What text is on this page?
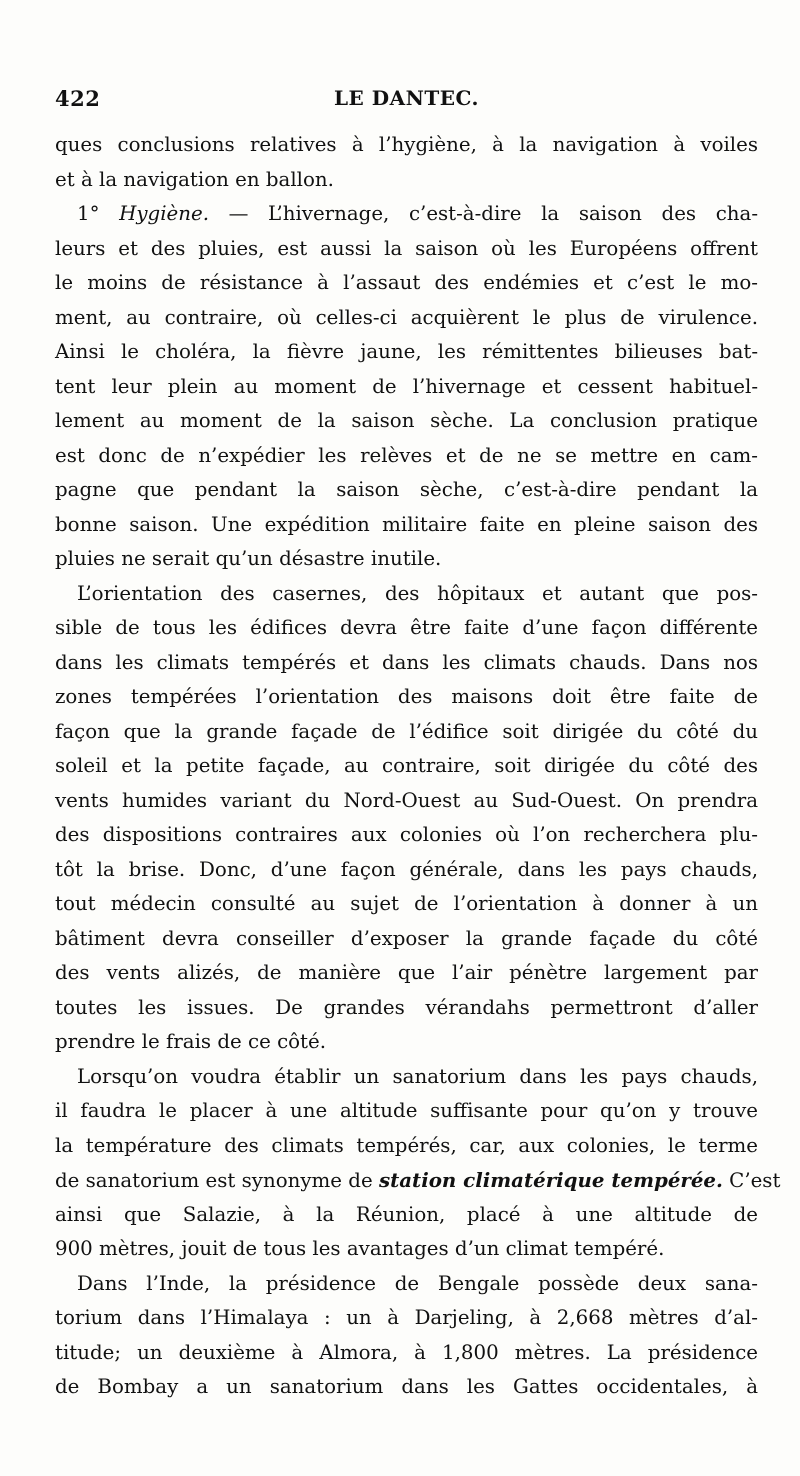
422	LE DANTEC.
ques conclusions relatives à l’hygiène, à la navigation à voiles
et à la navigation en ballon.
1° Hygiène. — L’hivernage, c’est-à-dire la saison des cha-
leurs et des pluies, est aussi la saison où les Européens offrent
le moins de résistance à l’assaut des endémies et c’est le mo-
ment, au contraire, où celles-ci acquièrent le plus de virulence.
Ainsi le choléra, la fièvre jaune, les rémittentes bilieuses bat-
tent leur plein au moment de l’hivernage et cessent habituel-
lement au moment de la saison sèche. La conclusion pratique
est donc de n’expédier les relèves et de ne se mettre en cam-
pagne que pendant la saison sèche, c’est-à-dire pendant la
bonne saison. Une expédition militaire faite en pleine saison des
pluies ne serait qu’un désastre inutile.
L’orientation des casernes, des hôpitaux et autant que pos-
sible de tous les édifices devra être faite d’une façon différente
dans les climats tempérés et dans les climats chauds. Dans nos
zones tempérées l’orientation des maisons doit être faite de
façon que la grande façade de l’édifice soit dirigée du côté du
soleil et la petite façade, au contraire, soit dirigée du côté des
vents humides variant du Nord-Ouest au Sud-Ouest. On prendra
des dispositions contraires aux colonies où l’on recherchera plu-
tôt la brise. Donc, d’une façon générale, dans les pays chauds,
tout médecin consulté au sujet de l’orientation à donner à un
bâtiment devra conseiller d’exposer la grande façade du côté
des vents alizés, de manière que l’air pénètre largement par
toutes les issues. De grandes vérandahs permettront d’aller
prendre le frais de ce côté.
Lorsqu’on voudra établir un sanatorium dans les pays chauds,
il faudra le placer à une altitude suffisante pour qu’on y trouve
la température des climats tempérés, car, aux colonies, le terme
de sanatorium est synonyme de station climatérique tempérée. C’est
ainsi que Salazie, à la Réunion, placé à une altitude de
900 mètres, jouit de tous les avantages d’un climat tempéré.
Dans l’Inde, la présidence de Bengale possède deux sana-
torium dans l’Himalaya : un à Darjeling, à 2,668 mètres d’al-
titude; un deuxième à Almora, à 1,800 mètres. La présidence
de Bombay a un sanatorium dans les Gattes occidentales, à
